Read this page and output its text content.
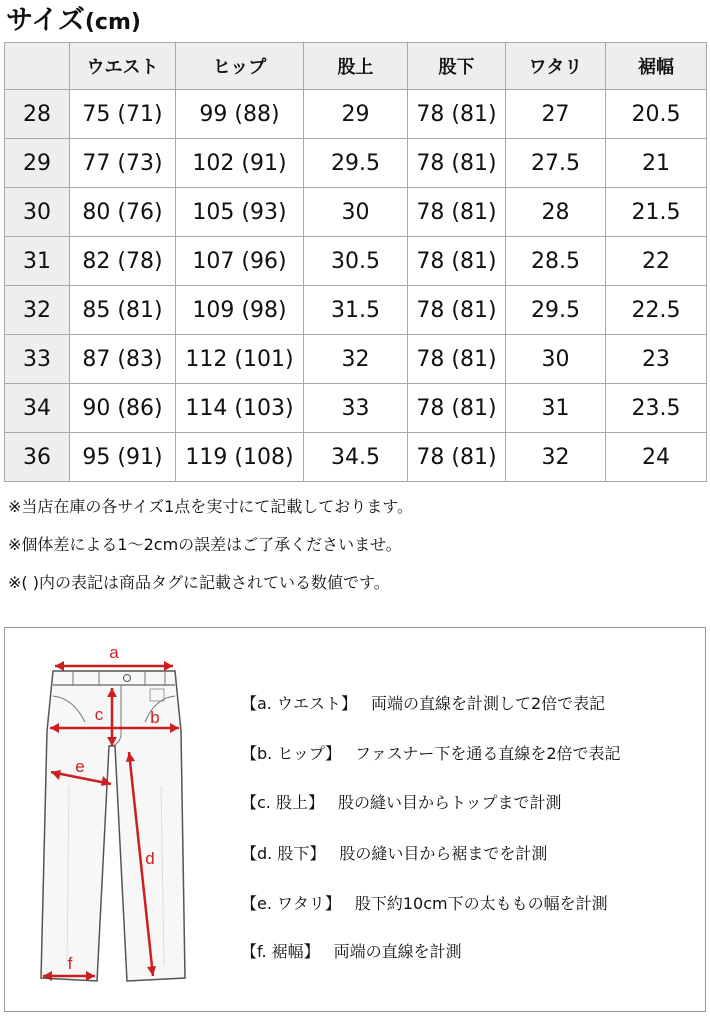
サイズ(cm)
	ウエスト	ヒップ	股上	股下	ワタリ	裾幅
28	75 (71)	99 (88)	29	78 (81)	27	20.5
29	77 (73)	102 (91)	29.5	78 (81)	27.5	21
30	80 (76)	105 (93)	30	78 (81)	28	21.5
31	82 (78)	107 (96)	30.5	78 (81)	28.5	22
32	85 (81)	109 (98)	31.5	78 (81)	29.5	22.5
33	87 (83)	112 (101)	32	78 (81)	30	23
34	90 (86)	114 (103)	33	78 (81)	31	23.5
36	95 (91)	119 (108)	34.5	78 (81)	32	24
※当店在庫の各サイズ1点を実寸にて記載しております。
※個体差による1〜2cmの誤差はご了承くださいませ。
※( )内の表記は商品タグに記載されている数値です。
a
b
c
d
e
f
【a. ウエスト】 両端の直線を計測して2倍で表記
【b. ヒップ】 ファスナー下を通る直線を2倍で表記
【c. 股上】 股の縫い目からトップまで計測
【d. 股下】 股の縫い目から裾までを計測
【e. ワタリ】 股下約10cm下の太ももの幅を計測
【f. 裾幅】 両端の直線を計測
